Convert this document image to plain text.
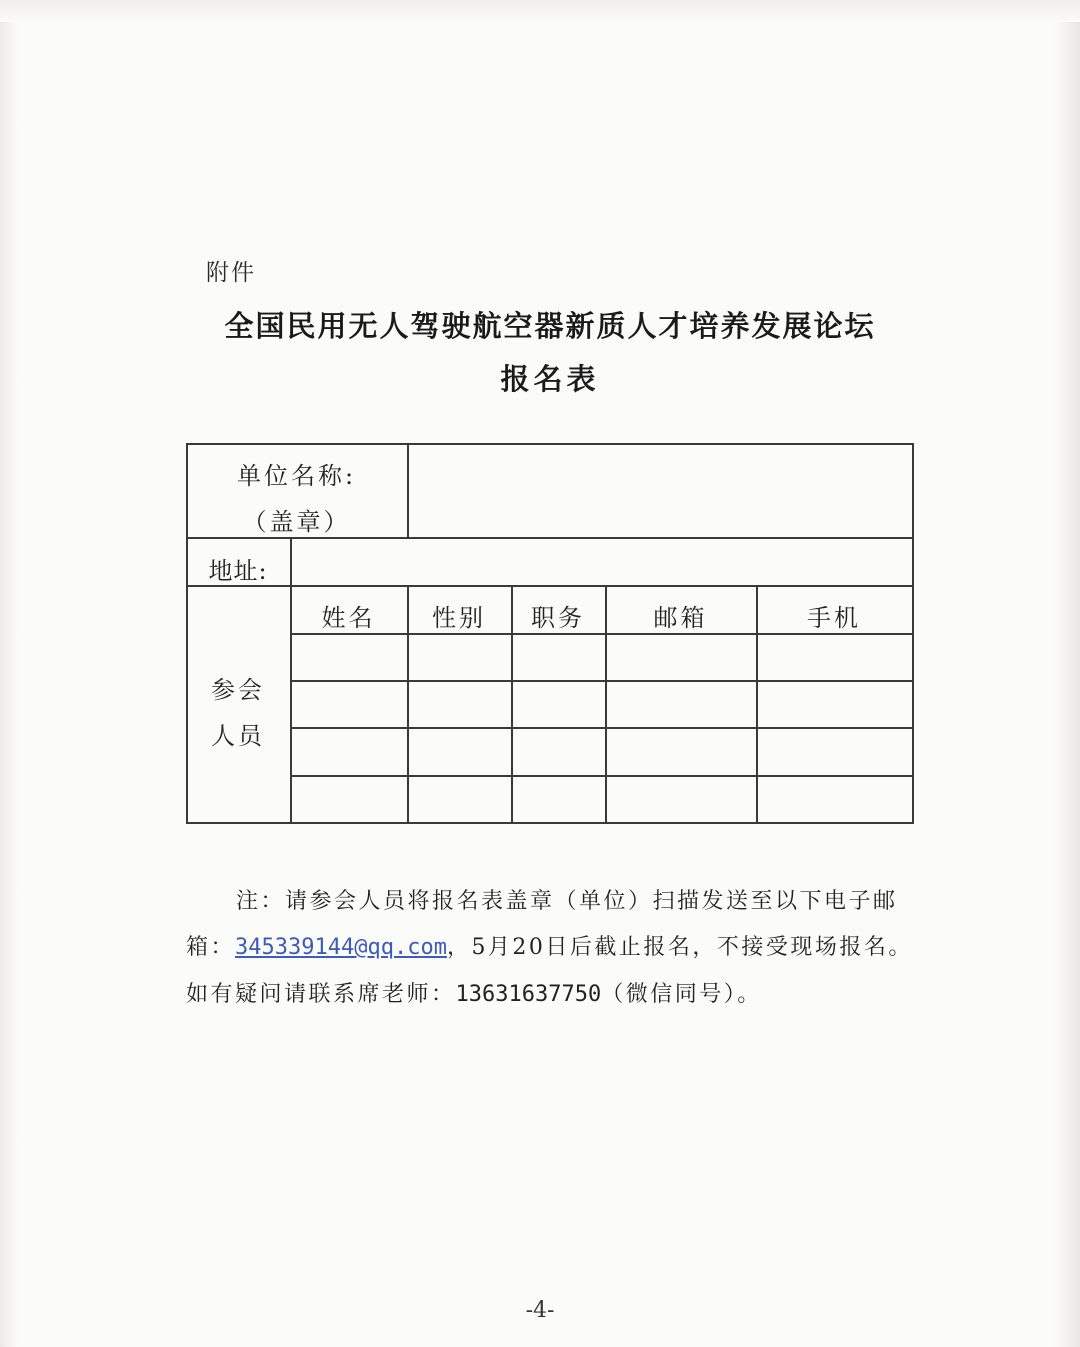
附件
全国民用无人驾驶航空器新质人才培养发展论坛
报名表
单位名称:
（盖章）
地址:
参会
人员
姓名	性别	职务	邮箱	手机
注：请参会人员将报名表盖章（单位）扫描发送至以下电子邮
箱：345339144@qq.com，5月20日后截止报名，不接受现场报名。
如有疑问请联系席老师：13631637750（微信同号）。
-4-
